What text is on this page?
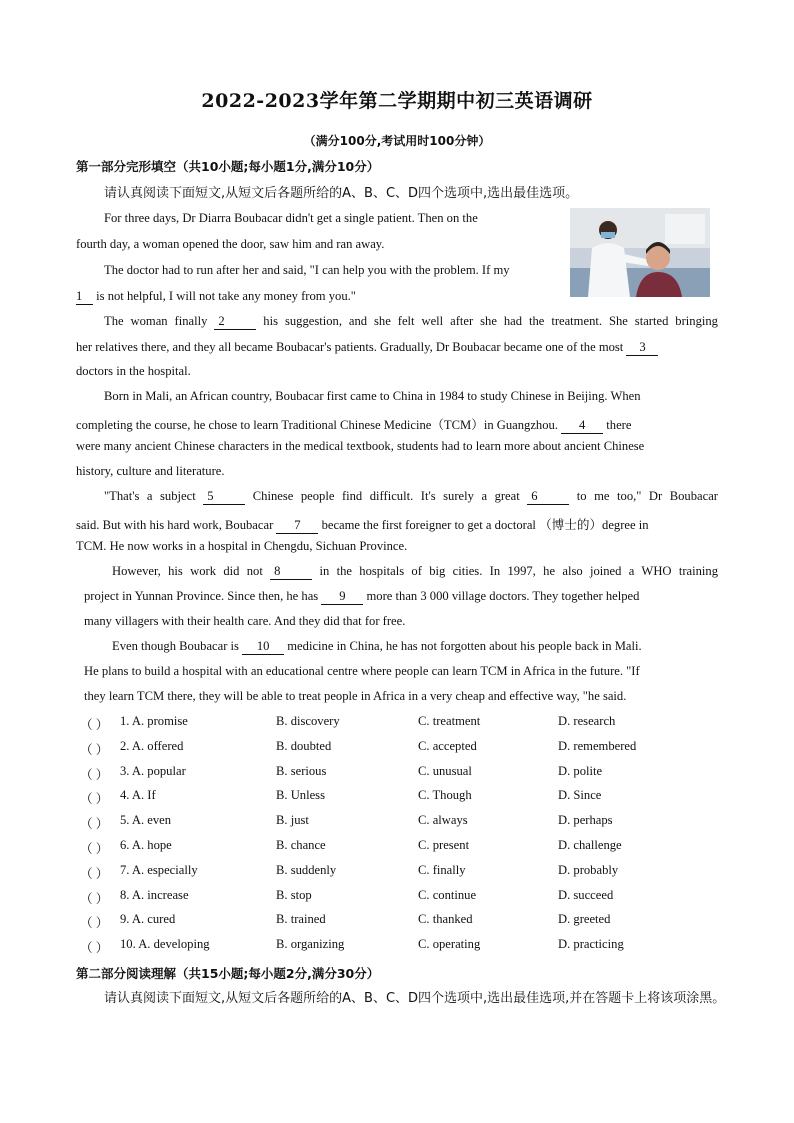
2022-2023学年第二学期期中初三英语调研
（满分100分,考试用时100分钟）
第一部分完形填空（共10小题;每小题1分,满分10分）
请认真阅读下面短文,从短文后各题所给的A、B、C、D四个选项中,选出最佳选项。
For three days, Dr Diarra Boubacar didn't get a single patient. Then on the
fourth day, a woman opened the door, saw him and ran away.
The doctor had to run after her and said, "I can help you with the problem. If my
1 is not helpful, I will not take any money from you."
The woman finally 2	his suggestion, and she felt well after she had the treatment. She started bringing
her relatives there, and they all became Boubacar's patients. Gradually, Dr Boubacar became one of the most 3
doctors in the hospital.
Born in Mali, an African country, Boubacar first came to China in 1984 to study Chinese in Beijing. When
completing the course, he chose to learn Traditional Chinese Medicine（TCM）in Guangzhou. 4 there
were many ancient Chinese characters in the medical textbook, students had to learn more about ancient Chinese
history, culture and literature.
"That's a subject 5	Chinese people find difficult. It's surely a great 6	to me too," Dr Boubacar
said. But with his hard work, Boubacar 7 became the first foreigner to get a doctoral （博士的）degree in
TCM. He now works in a hospital in Chengdu, Sichuan Province.
However, his work did not 8	in the hospitals of big cities. In 1997, he also joined a WHO training
project in Yunnan Province. Since then, he has 9 more than 3 000 village doctors. They together helped
many villagers with their health care. And they did that for free.
Even though Boubacar is 10 medicine in China, he has not forgotten about his people back in Mali.
He plans to build a hospital with an educational centre where people can learn TCM in Africa in the future. "If
they learn TCM there, they will be able to treat people in Africa in a very cheap and effective way, "he said.
（ ） 1. A. promise	B. discovery	C. treatment	D. research
（ ） 2. A. offered	B. doubted	C. accepted	D. remembered
（ ） 3. A. popular	B. serious	C. unusual	D. polite
（ ） 4. A. If	B. Unless	C. Though	D. Since
（ ） 5. A. even	B. just	C. always	D. perhaps
（ ） 6. A. hope	B. chance	C. present	D. challenge
（ ） 7. A. especially	B. suddenly	C. finally	D. probably
（ ） 8. A. increase	B. stop	C. continue	D. succeed
（ ） 9. A. cured	B. trained	C. thanked	D. greeted
（ ） 10. A. developing	B. organizing	C. operating	D. practicing
第二部分阅读理解（共15小题;每小题2分,满分30分）
请认真阅读下面短文,从短文后各题所给的A、B、C、D四个选项中,选出最佳选项,并在答题卡上将该项涂黑。
